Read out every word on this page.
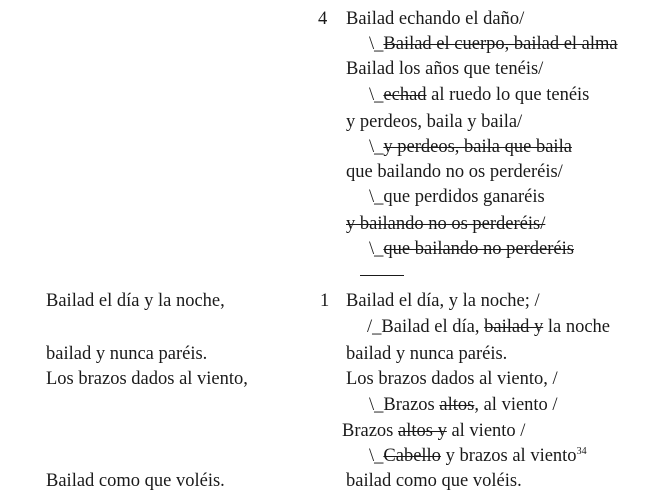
4 Bailad echando el daño/
\_Bailad el cuerpo, bailad el alma
Bailad los años que tenéis/
\_echad al ruedo lo que tenéis
y perdeos, baila y baila/
\_y perdeos, baila que baila
que bailando no os perderéis/
\_que perdidos ganaréis
y bailando no os perderéis/
\_que bailando no perderéis
Bailad el día y la noche,
bailad y nunca paréis.
Los brazos dados al viento,
Bailad como que voléis.
1 Bailad el día, y la noche; /
/_Bailad el día, bailad y la noche
bailad y nunca paréis.
Los brazos dados al viento, /
\_Brazos altos, al viento /
Brazos altos y al viento /
\_Cabello y brazos al viento$^{34}$
bailad como que voléis.
